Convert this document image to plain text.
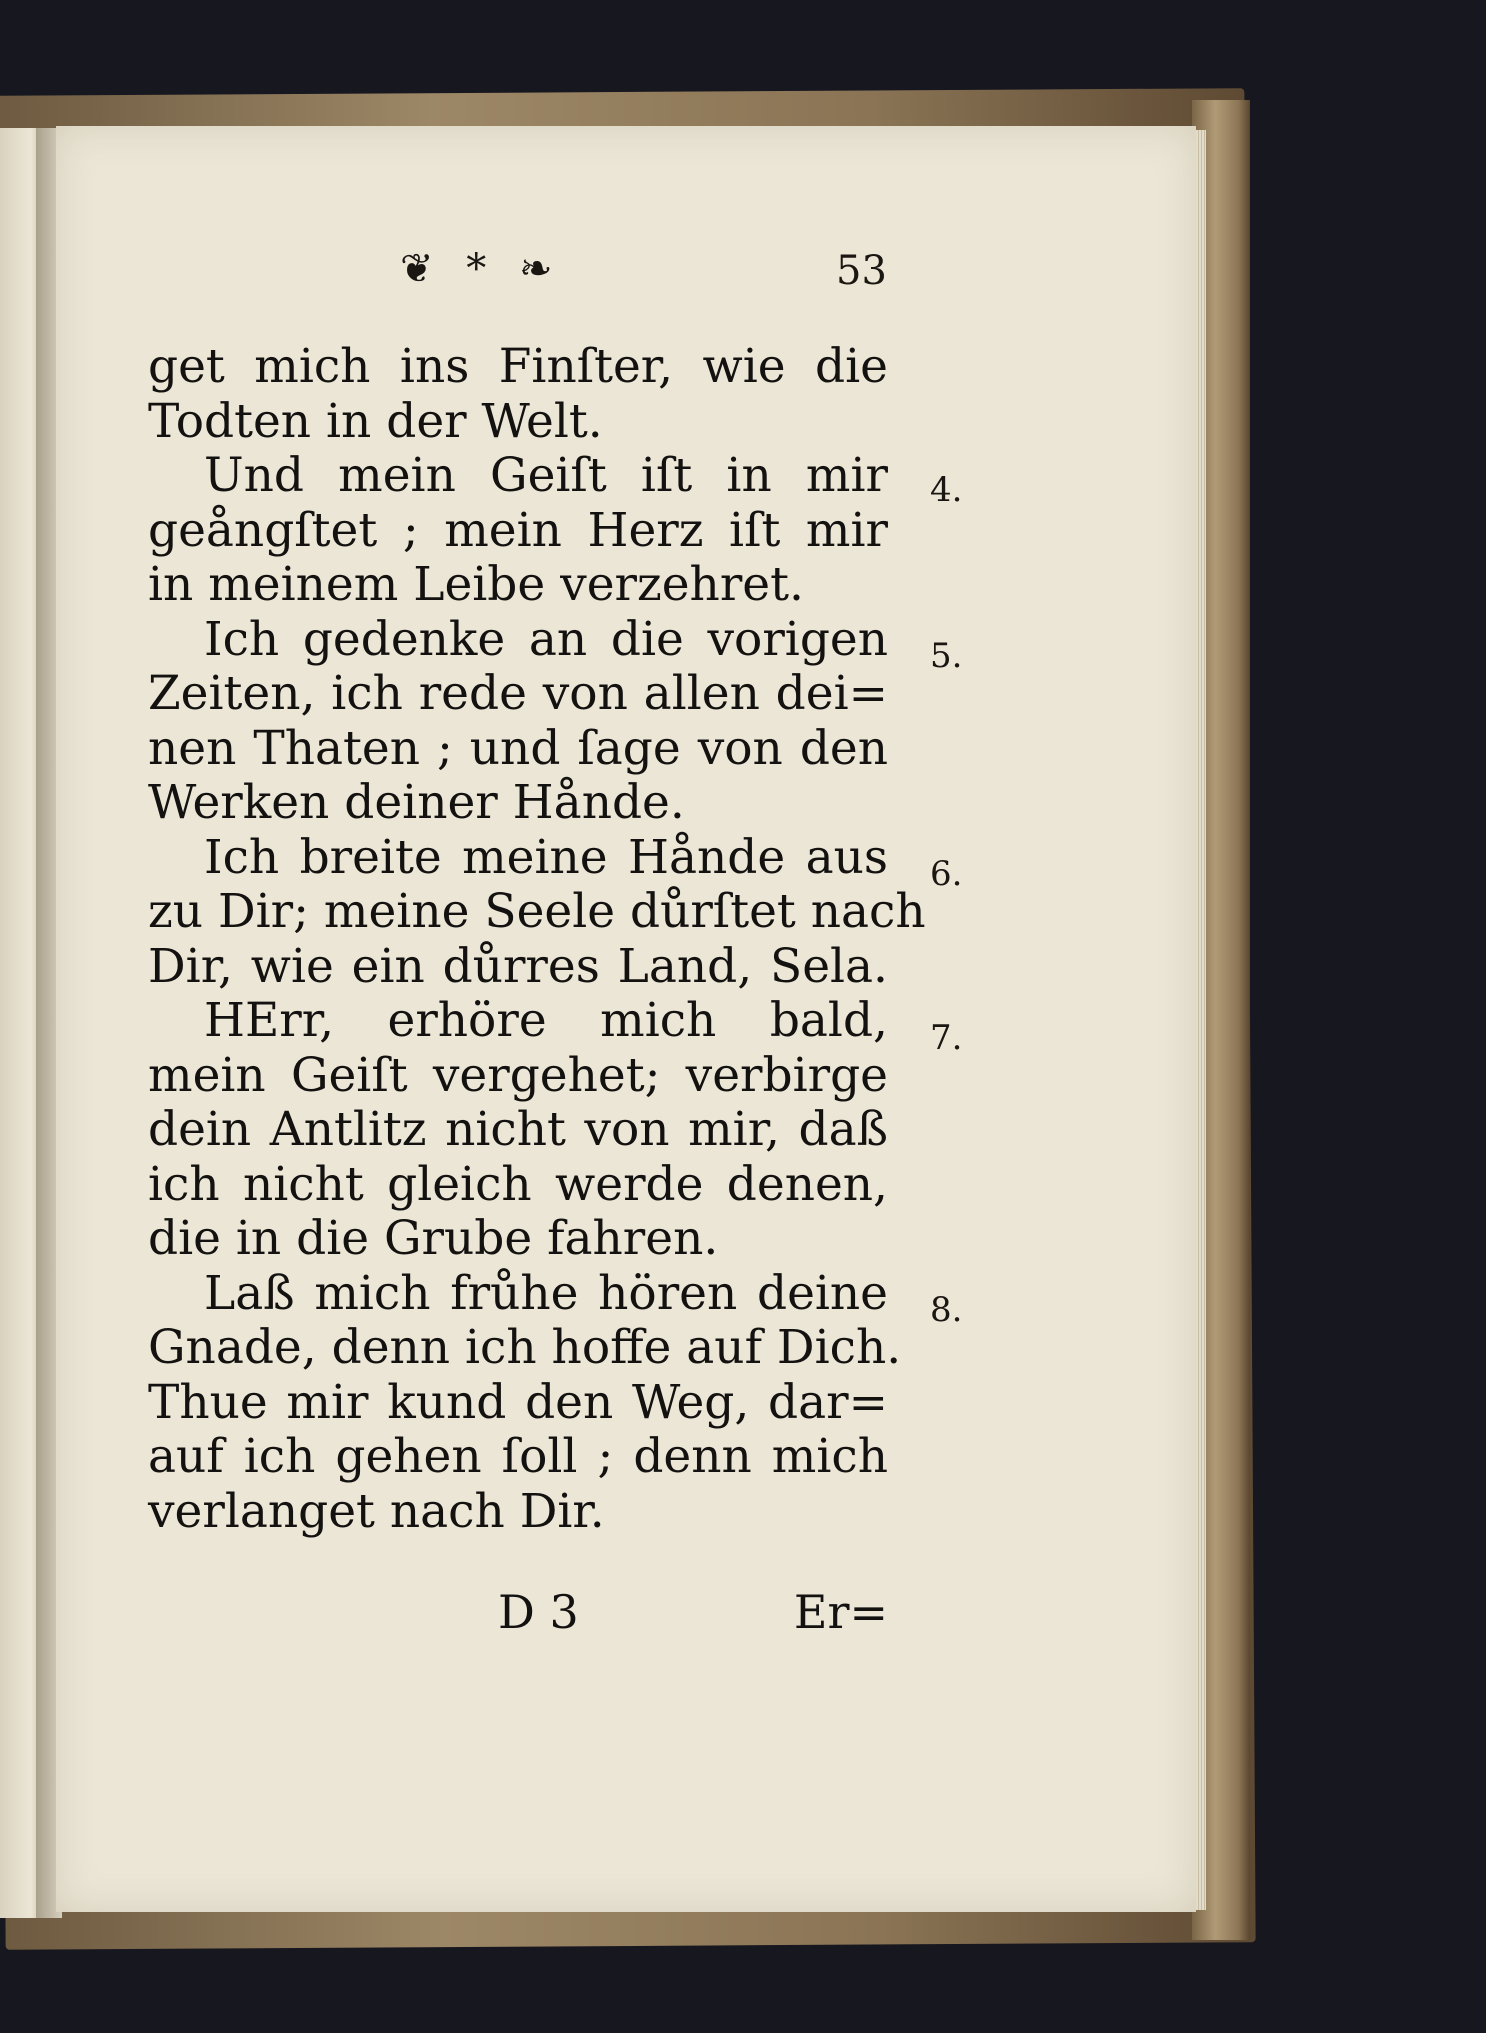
❦ * ❧	53
get mich ins Finſter, wie die
Todten in der Welt.
Und mein Geiſt iſt in mir
geångſtet ; mein Herz iſt mir
in meinem Leibe verzehret.
Ich gedenke an die vorigen
Zeiten, ich rede von allen dei=
nen Thaten ; und ſage von den
Werken deiner Hånde.
Ich breite meine Hånde aus
zu Dir; meine Seele důrſtet nach
Dir, wie ein důrres Land, Sela.
HErr, erhöre mich bald,
mein Geiſt vergehet; verbirge
dein Antlitz nicht von mir, daß
ich nicht gleich werde denen,
die in die Grube fahren.
Laß mich frůhe hören deine
Gnade, denn ich hoffe auf Dich.
Thue mir kund den Weg, dar=
auf ich gehen ſoll ; denn mich
verlanget nach Dir.
4.
5.
6.
7.
8.
D 3	Er=
